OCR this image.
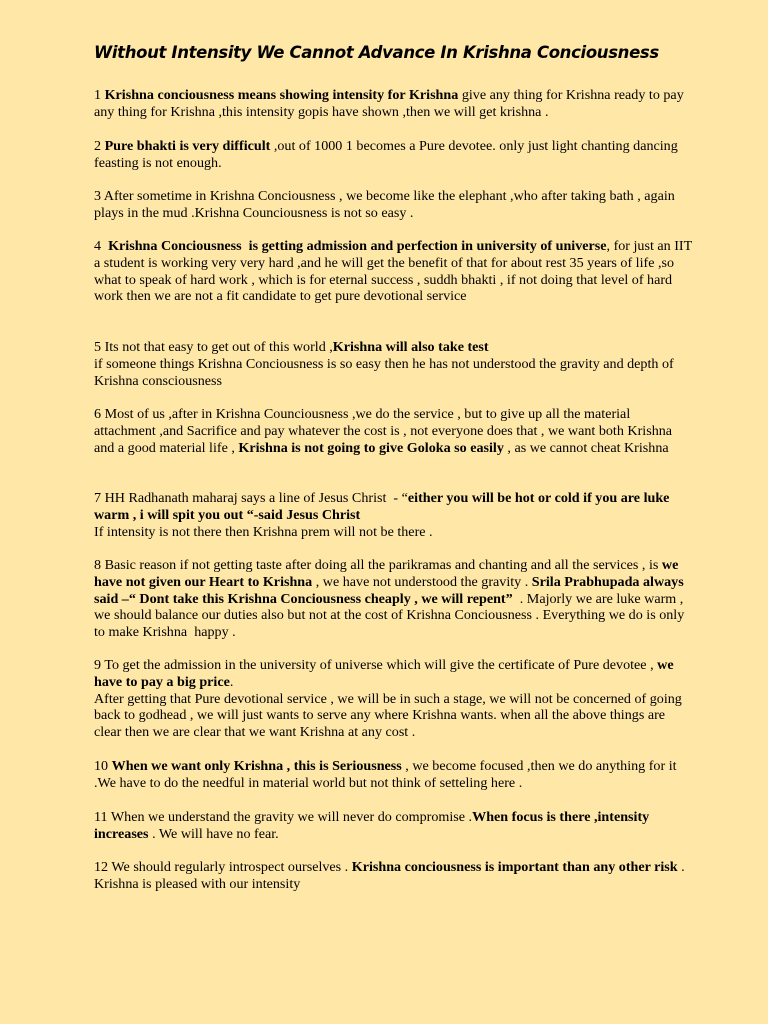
Without Intensity We Cannot Advance In Krishna Conciousness

1 Krishna conciousness means showing intensity for Krishna give any thing for Krishna ready to pay any thing for Krishna ,this intensity gopis have shown ,then we will get krishna .

2 Pure bhakti is very difficult ,out of 1000 1 becomes a Pure devotee. only just light chanting dancing feasting is not enough.

3 After sometime in Krishna Conciousness , we become like the elephant ,who after taking bath , again plays in the mud .Krishna Counciousness is not so easy .

4  Krishna Conciousness  is getting admission and perfection in university of universe, for just an IIT a student is working very very hard ,and he will get the benefit of that for about rest 35 years of life ,so what to speak of hard work , which is for eternal success , suddh bhakti , if not doing that level of hard work then we are not a fit candidate to get pure devotional service

5 Its not that easy to get out of this world ,Krishna will also take test
if someone things Krishna Conciousness is so easy then he has not understood the gravity and depth of Krishna consciousness

6 Most of us ,after in Krishna Counciousness ,we do the service , but to give up all the material attachment ,and Sacrifice and pay whatever the cost is , not everyone does that , we want both Krishna and a good material life , Krishna is not going to give Goloka so easily , as we cannot cheat Krishna

7 HH Radhanath maharaj says a line of Jesus Christ  - “either you will be hot or cold if you are luke warm , i will spit you out “-said Jesus Christ
If intensity is not there then Krishna prem will not be there .

8 Basic reason if not getting taste after doing all the parikramas and chanting and all the services , is we have not given our Heart to Krishna , we have not understood the gravity . Srila Prabhupada always said –“ Dont take this Krishna Conciousness cheaply , we will repent”  . Majorly we are luke warm , we should balance our duties also but not at the cost of Krishna Conciousness . Everything we do is only to make Krishna  happy .

9 To get the admission in the university of universe which will give the certificate of Pure devotee , we have to pay a big price.
After getting that Pure devotional service , we will be in such a stage, we will not be concerned of going back to godhead , we will just wants to serve any where Krishna wants. when all the above things are clear then we are clear that we want Krishna at any cost .

10 When we want only Krishna , this is Seriousness , we become focused ,then we do anything for it .We have to do the needful in material world but not think of setteling here .

11 When we understand the gravity we will never do compromise .When focus is there ,intensity increases . We will have no fear.

12 We should regularly introspect ourselves . Krishna conciousness is important than any other risk . Krishna is pleased with our intensity
